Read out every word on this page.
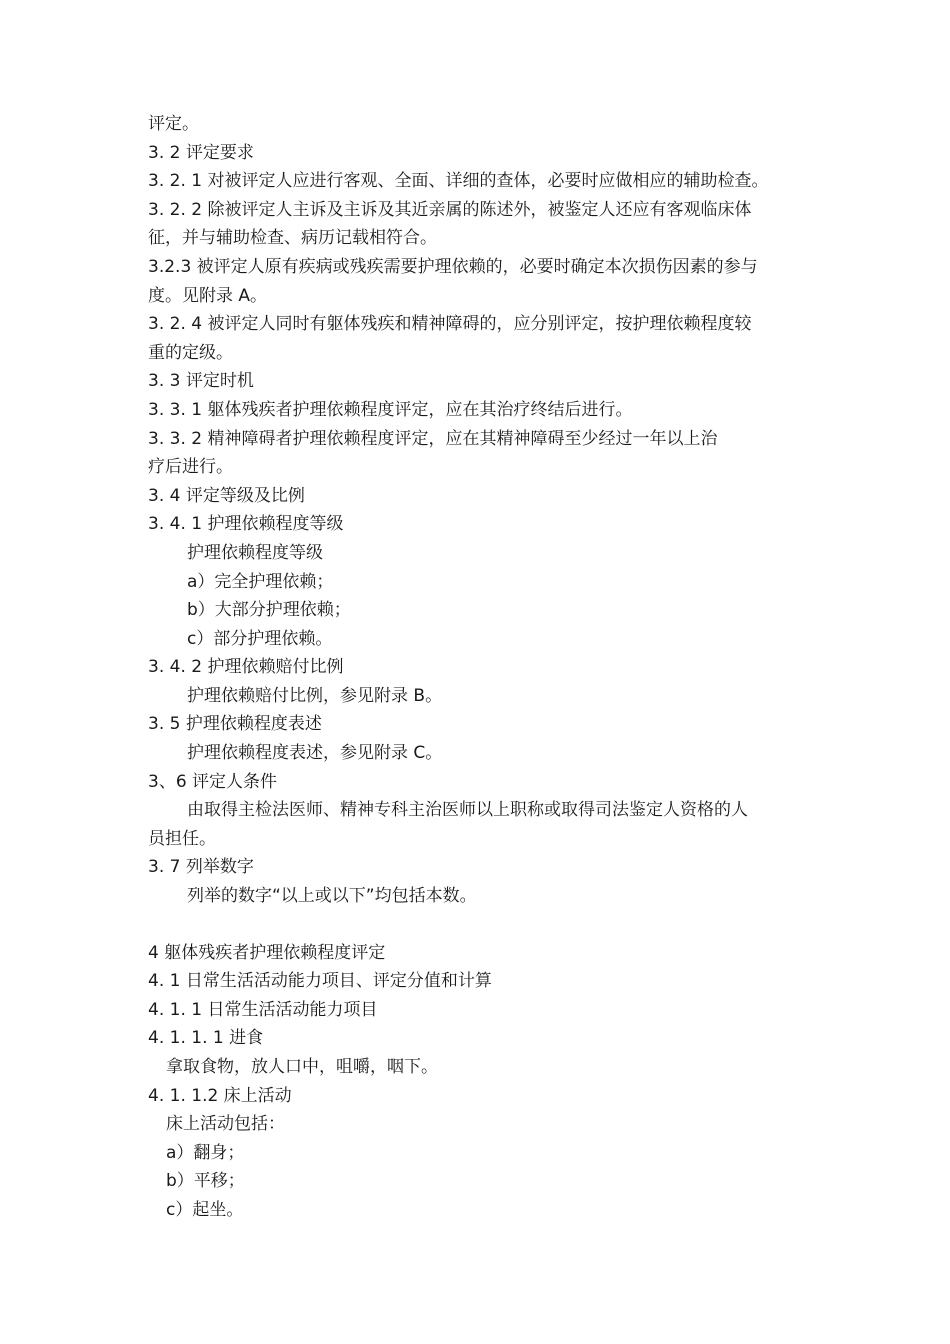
评定。

3. 2 评定要求

3. 2. 1 对被评定人应进行客观、全面、详细的查体，必要时应做相应的辅助检查。

3. 2. 2 除被评定人主诉及主诉及其近亲属的陈述外，被鉴定人还应有客观临床体

征，并与辅助检查、病历记载相符合。

3.2.3 被评定人原有疾病或残疾需要护理依赖的，必要时确定本次损伤因素的参与

度。见附录 A。

3. 2. 4 被评定人同时有躯体残疾和精神障碍的，应分别评定，按护理依赖程度较

重的定级。

3. 3 评定时机

3. 3. 1 躯体残疾者护理依赖程度评定，应在其治疗终结后进行。

3. 3. 2 精神障碍者护理依赖程度评定，应在其精神障碍至少经过一年以上治

疗后进行。

3. 4 评定等级及比例

3. 4. 1 护理依赖程度等级

护理依赖程度等级

a）完全护理依赖；

b）大部分护理依赖；

c）部分护理依赖。

3. 4. 2 护理依赖赔付比例

护理依赖赔付比例，参见附录 B。

3. 5 护理依赖程度表述

护理依赖程度表述，参见附录 C。

3、6 评定人条件

由取得主检法医师、精神专科主治医师以上职称或取得司法鉴定人资格的人

员担任。

3. 7 列举数字

列举的数字“以上或以下”均包括本数。

4 躯体残疾者护理依赖程度评定

4. 1 日常生活活动能力项目、评定分值和计算

4. 1. 1 日常生活活动能力项目

4. 1. 1. 1 进食

拿取食物，放人口中，咀嚼，咽下。

4. 1. 1.2 床上活动

床上活动包括：

a）翻身；

b）平移；

c）起坐。
